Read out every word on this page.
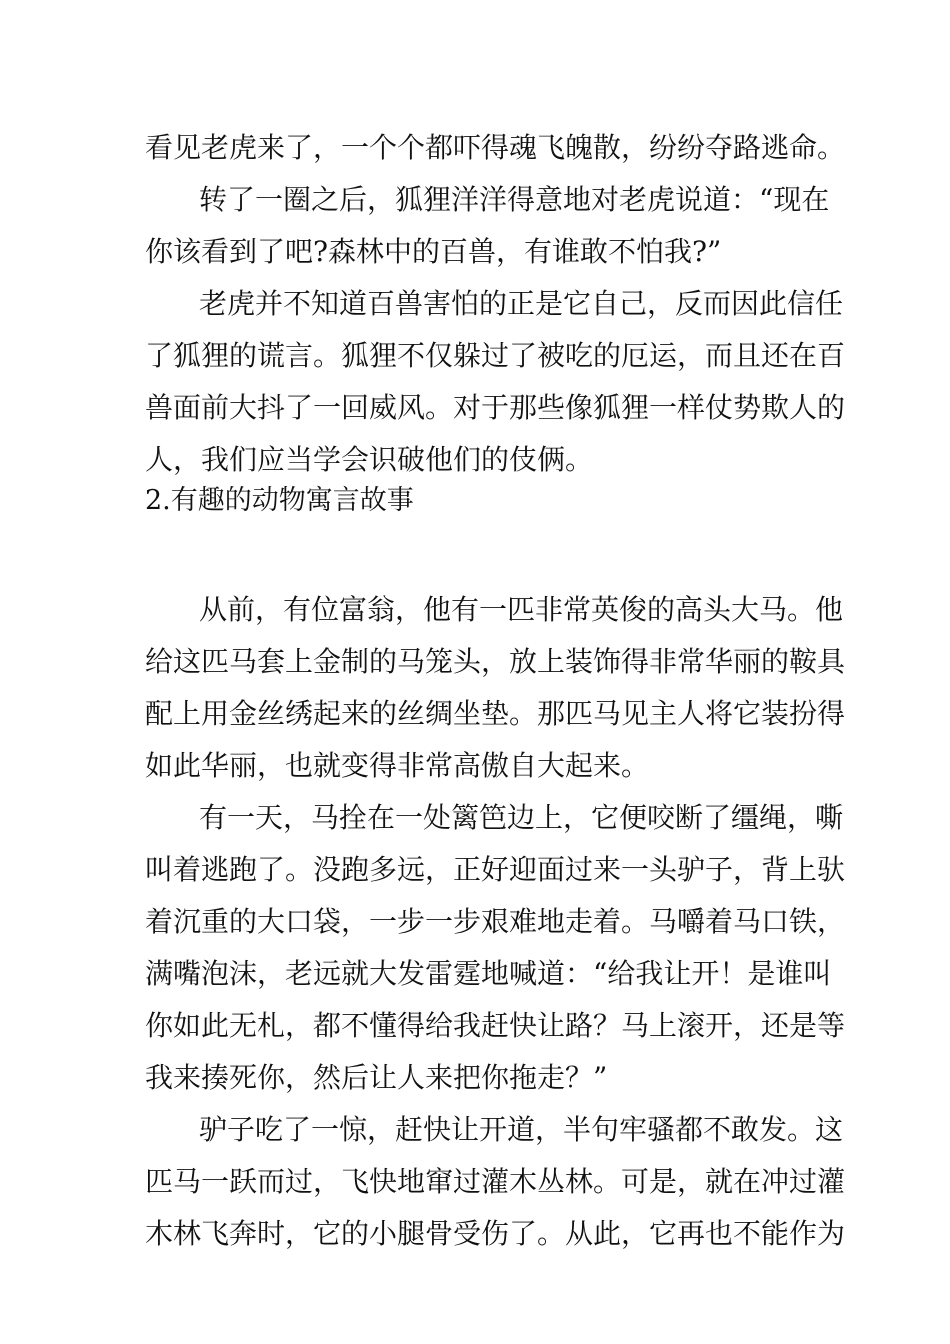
看见老虎来了，一个个都吓得魂飞魄散，纷纷夺路逃命。
转了一圈之后，狐狸洋洋得意地对老虎说道：“现在
你该看到了吧?森林中的百兽，有谁敢不怕我?”
老虎并不知道百兽害怕的正是它自己，反而因此信任
了狐狸的谎言。狐狸不仅躲过了被吃的厄运，而且还在百
兽面前大抖了一回威风。对于那些像狐狸一样仗势欺人的
人，我们应当学会识破他们的伎俩。
2.有趣的动物寓言故事
从前，有位富翁，他有一匹非常英俊的高头大马。他
给这匹马套上金制的马笼头，放上装饰得非常华丽的鞍具
配上用金丝绣起来的丝绸坐垫。那匹马见主人将它装扮得
如此华丽，也就变得非常高傲自大起来。
有一天，马拴在一处篱笆边上，它便咬断了缰绳，嘶
叫着逃跑了。没跑多远，正好迎面过来一头驴子，背上驮
着沉重的大口袋，一步一步艰难地走着。马嚼着马口铁，
满嘴泡沫，老远就大发雷霆地喊道：“给我让开！是谁叫
你如此无札，都不懂得给我赶快让路？马上滚开，还是等
我来揍死你，然后让人来把你拖走？”
驴子吃了一惊，赶快让开道，半句牢骚都不敢发。这
匹马一跃而过，飞快地窜过灌木丛林。可是，就在冲过灌
木林飞奔时，它的小腿骨受伤了。从此，它再也不能作为
